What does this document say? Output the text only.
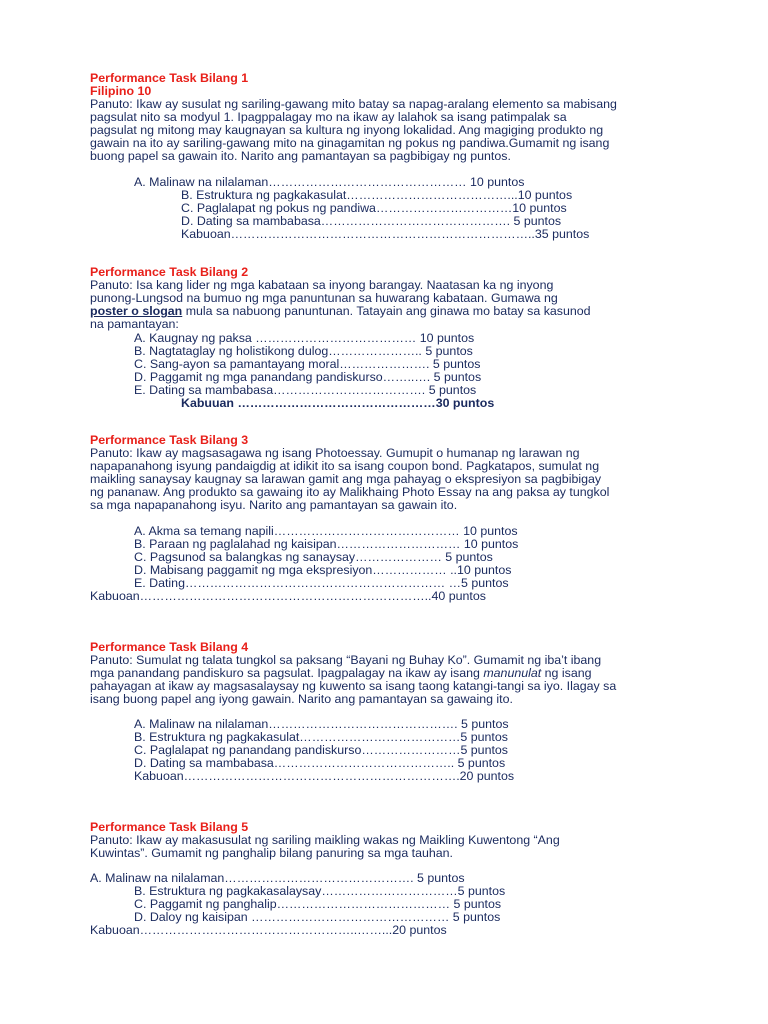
Performance Task Bilang 1
Filipino 10
Panuto: Ikaw ay susulat ng sariling-gawang mito batay sa napag-aralang elemento sa mabisang
pagsulat nito sa modyul 1. Ipagppalagay mo na ikaw ay lalahok sa isang patimpalak sa
pagsulat ng mitong may kaugnayan sa kultura ng inyong lokalidad. Ang magiging produkto ng
gawain na ito ay sariling-gawang mito na ginagamitan ng pokus ng pandiwa.Gumamit ng isang
buong papel sa gawain ito. Narito ang pamantayan sa pagbibigay ng puntos.
A. Malinaw na nilalaman………………………………………… 10 puntos
B. Estruktura ng pagkakasulat…………………………………...10 puntos
C. Paglalapat ng pokus ng pandiwa……………………………10 puntos
D. Dating sa mambabasa………………………………………. 5 puntos
Kabuoan………………………………………………………………..35 puntos
Performance Task Bilang 2
Panuto: Isa kang lider ng mga kabataan sa inyong barangay. Naatasan ka ng inyong
punong-Lungsod na bumuo ng mga panuntunan sa huwarang kabataan. Gumawa ng
poster o slogan mula sa nabuong panuntunan. Tatayain ang ginawa mo batay sa kasunod
na pamantayan:
A. Kaugnay ng paksa ………………………………… 10 puntos
B. Nagtataglay ng holistikong dulog………………….. 5 puntos
C. Sang-ayon sa pamantayang moral…………………. 5 puntos
D. Paggamit ng mga panandang pandiskurso……..…. 5 puntos
E. Dating sa mambabasa………………………………. 5 puntos
Kabuuan …………………………………………30 puntos
Performance Task Bilang 3
Panuto: Ikaw ay magsasagawa ng isang Photoessay. Gumupit o humanap ng larawan ng
napapanahong isyung pandaigdig at idikit ito sa isang coupon bond. Pagkatapos, sumulat ng
maikling sanaysay kaugnay sa larawan gamit ang mga pahayag o ekspresiyon sa pagbibigay
ng pananaw. Ang produkto sa gawaing ito ay Malikhaing Photo Essay na ang paksa ay tungkol
sa mga napapanahong isyu. Narito ang pamantayan sa gawain ito.
A. Akma sa temang napili……………………………………… 10 puntos
B. Paraan ng paglalahad ng kaisipan………………………… 10 puntos
C. Pagsunod sa balangkas ng sanaysay………………… 5 puntos
D. Mabisang paggamit ng mga ekspresiyon……………… ..10 puntos
E. Dating……………………………………………………… …5 puntos
Kabuoan……………………………………………………………..40 puntos
Performance Task Bilang 4
Panuto: Sumulat ng talata tungkol sa paksang “Bayani ng Buhay Ko”. Gumamit ng iba’t ibang
mga panandang pandiskuro sa pagsulat. Ipagpalagay na ikaw ay isang manunulat ng isang
pahayagan at ikaw ay magsasalaysay ng kuwento sa isang taong katangi-tangi sa iyo. Ilagay sa
isang buong papel ang iyong gawain. Narito ang pamantayan sa gawaing ito.
A. Malinaw na nilalaman………………………………………. 5 puntos
B. Estruktura ng pagkakasulat…………………………………5 puntos
C. Paglalapat ng panandang pandiskurso……………………5 puntos
D. Dating sa mambabasa…………………………………….. 5 puntos
Kabuoan………………………………………………………….20 puntos
Performance Task Bilang 5
Panuto: Ikaw ay makasusulat ng sariling maikling wakas ng Maikling Kuwentong “Ang
Kuwintas”. Gumamit ng panghalip bilang panuring sa mga tauhan.
A. Malinaw na nilalaman………………………………………. 5 puntos
B. Estruktura ng pagkakasalaysay……………………………5 puntos
C. Paggamit ng panghalip…………………………………… 5 puntos
D. Daloy ng kaisipan ………………………………………… 5 puntos
Kabuoan……………………………………………..……...20 puntos
